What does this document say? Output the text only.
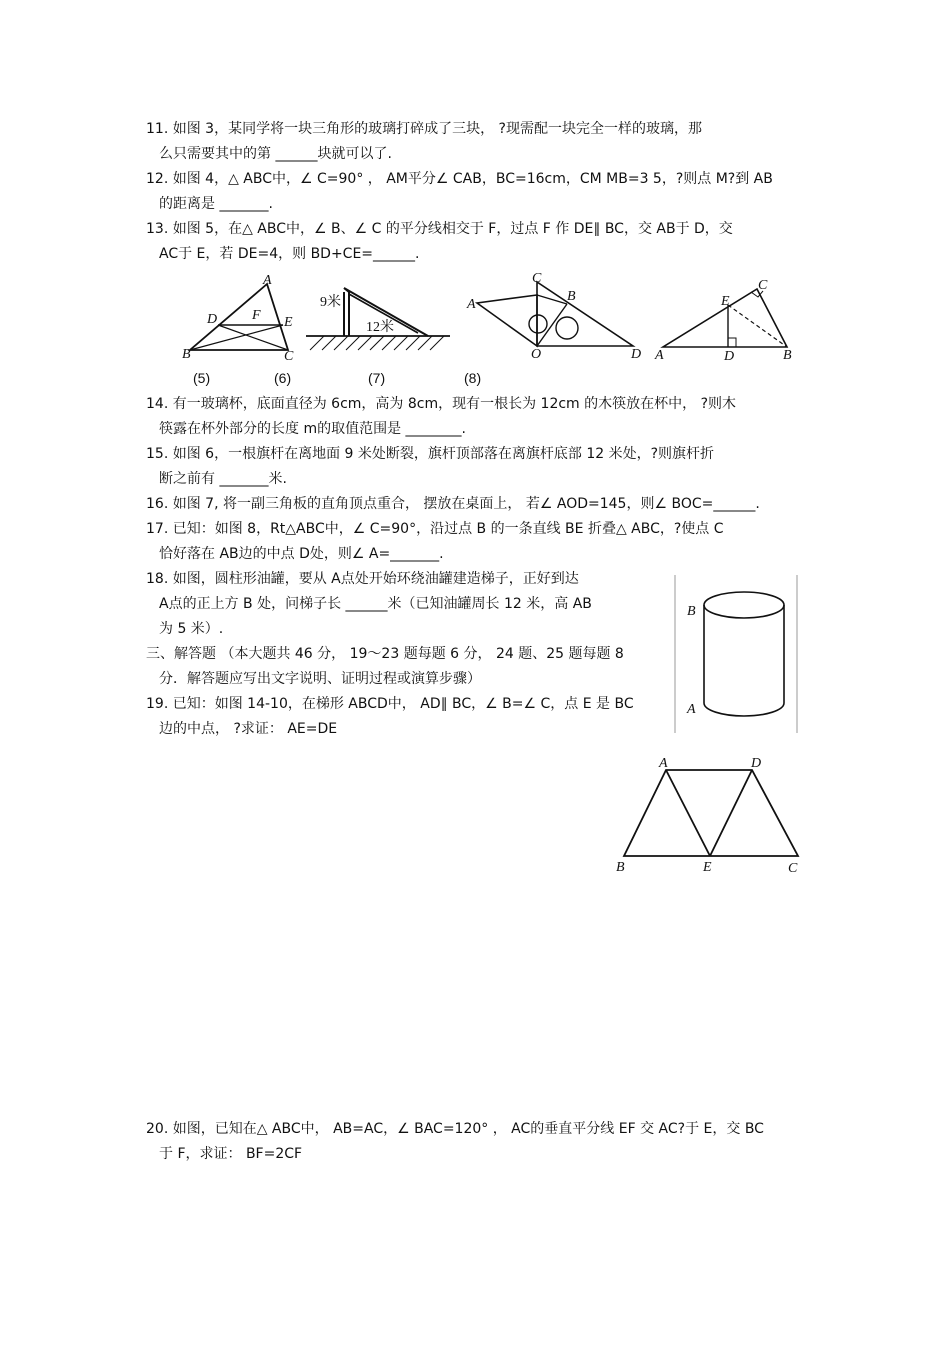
11. 如图 3，某同学将一块三角形的玻璃打碎成了三块， ?现需配一块完全一样的玻璃，那
么只需要其中的第 ______块就可以了.
12. 如图 4，△ ABC中，∠ C=90° ， AM平分∠ CAB，BC=16cm，CM MB=3 5，?则点 M?到 AB
的距离是 _______.
13. 如图 5，在△ ABC中，∠ B、∠ C 的平分线相交于 F，过点 F 作 DE∥ BC，交 AB于 D，交
AC于 E，若 DE=4，则 BD+CE=______.
A
B	C
D	E
F
9米
12米
A
B
C
O	D A	B
C
D
E
(5)	(6)	(7)	(8)
14. 有一玻璃杯，底面直径为 6cm，高为 8cm，现有一根长为 12cm 的木筷放在杯中， ?则木
筷露在杯外部分的长度 m的取值范围是 ________.
15. 如图 6，一根旗杆在离地面 9 米处断裂，旗杆顶部落在离旗杆底部 12 米处，?则旗杆折
断之前有 _______米.
16. 如图 7, 将一副三角板的直角顶点重合， 摆放在桌面上， 若∠ AOD=145，则∠ BOC=______.
17. 已知：如图 8，Rt△ABC中，∠ C=90°，沿过点 B 的一条直线 BE 折叠△ ABC，?使点 C
恰好落在 AB边的中点 D处，则∠ A=_______.
18. 如图，圆柱形油罐，要从 A点处开始环绕油罐建造梯子，正好到达
A点的正上方 B 处，问梯子长 ______米（已知油罐周长 12 米，高 AB
为 5 米）.
三、解答题 （本大题共 46 分， 19～23 题每题 6 分， 24 题、25 题每题 8
分．解答题应写出文字说明、证明过程或演算步骤）
19. 已知：如图 14-10，在梯形 ABCD中， AD∥ BC，∠ B=∠ C，点 E 是 BC
边的中点， ?求证： AE=DE
B
A
A	D
B	E	C
20. 如图，已知在△ ABC中， AB=AC，∠ BAC=120° ， AC的垂直平分线 EF 交 AC?于 E，交 BC
于 F，求证： BF=2CF
